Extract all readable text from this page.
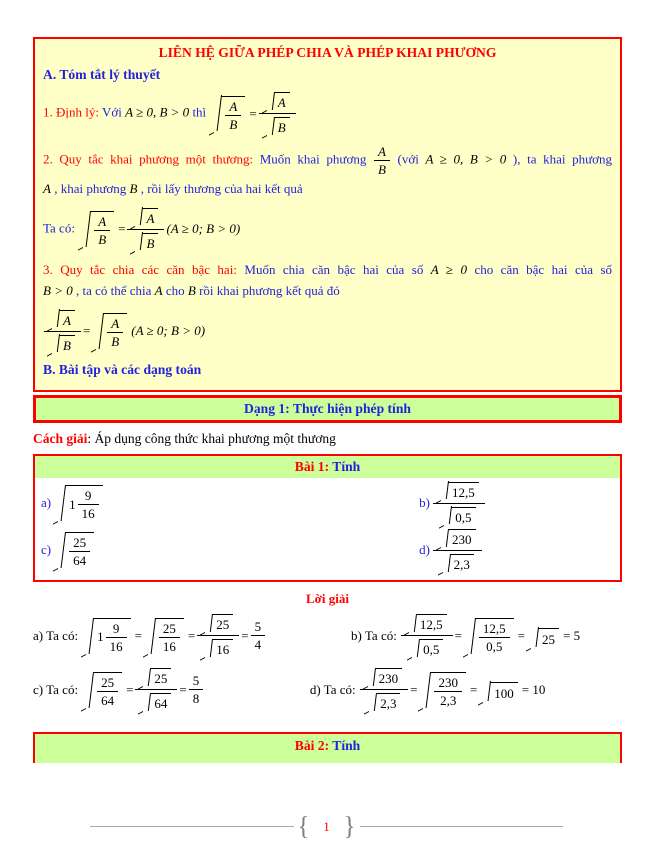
LIÊN HỆ GIỮA PHÉP CHIA VÀ PHÉP KHAI PHƯƠNG
A. Tóm tắt lý thuyết

1. Định lý: Với A ≥ 0, B > 0 thì $\frac{A}{B} = \frac{A}{B}$

2. Quy tắc khai phương một thương: Muốn khai phương $\frac{A}{B}$ (với A ≥ 0, B > 0 ), ta khai phương

A , khai phương B , rồi lấy thương của hai kết quả

Ta có: $\frac{A}{B} = \frac{A}{B} (A \ge 0$; B > 0)

3. Quy tắc chia các căn bậc hai: Muốn chia căn bậc hai của số A ≥ 0 cho căn bậc hai của số

B > 0 , ta có thể chia A cho B rồi khai phương kết quả đó

$\frac{A}{B} = \frac{A}{B} (A \ge 0$; B > 0)

B. Bài tập và các dạng toán
Dạng 1: Thực hiện phép tính

Cách giải: Áp dụng công thức khai phương một thương

Bài 1: Tính
a)	$1 \frac{9}{16}$	$b) \frac{12,5}{0,5}$
$c) \frac{25}{64}$	$d) \frac{230}{2,3}$
Lời giải
a) Ta có:	$1 \frac{9}{16} = \frac{25}{16} = \frac{25}{16} = \frac{5}{4}$	b) Ta có: $\frac{12,5}{0,5} = \frac{12,5}{0,5} =25= 5$
c) Ta có: $\frac{25}{64} = \frac{25}{64} = \frac{5}{8}$	d) Ta có: $\frac{230}{2,3} = \frac{230}{2,3} =100= 10$
Bài 2: Tính
{	1 }
